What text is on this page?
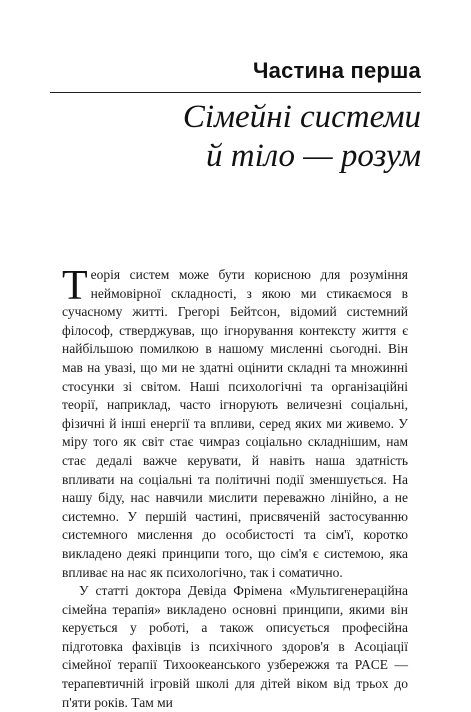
Частина перша
Сімейні системи
й тіло — розум

Теорія систем може бути корисною для розуміння неймовірної складності, з якою ми стикаємося в сучасному житті. Грегорі Бейтсон, відомий системний філософ, стверджував, що ігнорування контексту життя є найбільшою помилкою в нашому мисленні сьогодні. Він мав на увазі, що ми не здатні оцінити складні та множинні стосунки зі світом. Наші психологічні та організаційні теорії, наприклад, часто ігнорують величезні соціальні, фізичні й інші енергії та впливи, серед яких ми живемо. У міру того як світ стає чимраз соціально складнішим, нам стає дедалі важче керувати, й навіть наша здатність впливати на соціальні та політичні події зменшується. На нашу біду, нас навчили мислити переважно лінійно, а не системно. У першій частині, присвяченій застосуванню системного мислення до особистості та сім'ї, коротко викладено деякі принципи того, що сім'я є системою, яка впливає на нас як психологічно, так і соматично.

У статті доктора Девіда Фрімена «Мультигенераційна сімейна терапія» викладено основні принципи, якими він керується у роботі, а також описується професійна підготовка фахівців із психічного здоров'я в Асоціації сімейної терапії Тихоокеанського узбережжя та PACE — терапевтичній ігровій школі для дітей віком від трьох до п'яти років. Там ми
